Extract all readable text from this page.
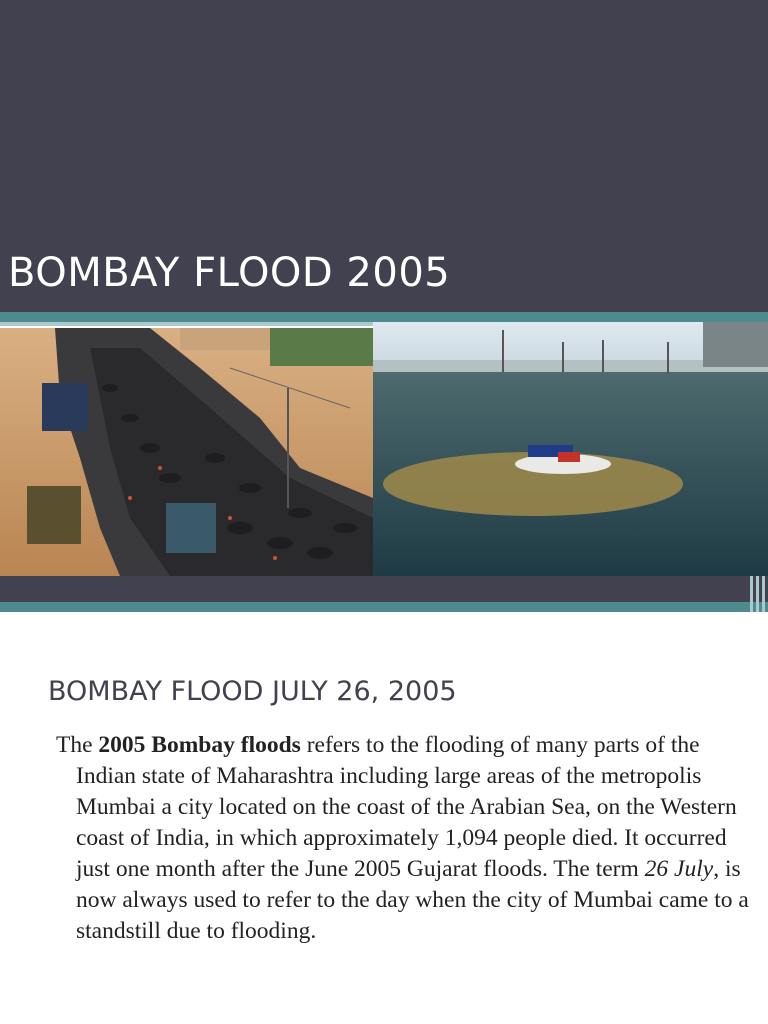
BOMBAY FLOOD 2005
BOMBAY FLOOD JULY 26, 2005
The 2005 Bombay floods refers to the flooding of many parts of the Indian state of Maharashtra including large areas of the metropolis Mumbai a city located on the coast of the Arabian Sea, on the Western coast of India, in which approximately 1,094 people died. It occurred just one month after the June 2005 Gujarat floods. The term 26 July, is now always used to refer to the day when the city of Mumbai came to a standstill due to flooding.
